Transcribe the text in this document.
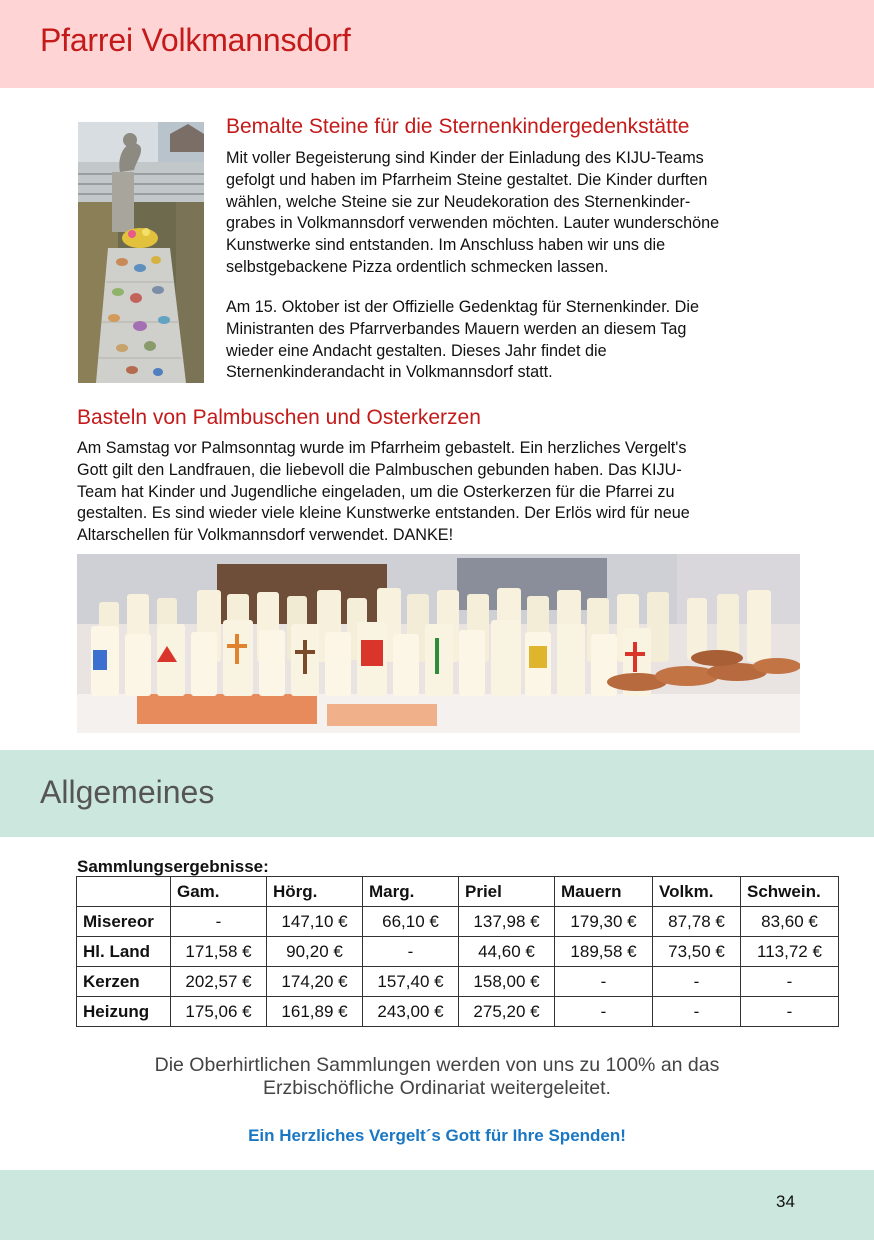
Pfarrei Volkmannsdorf
Bemalte Steine für die Sternenkindergedenkstätte

Mit voller Begeisterung sind Kinder der Einladung des KIJU-Teams

gefolgt und haben im Pfarrheim Steine gestaltet. Die Kinder durften

wählen, welche Steine sie zur Neudekoration des Sternenkinder-

grabes in Volkmannsdorf verwenden möchten. Lauter wunderschöne

Kunstwerke sind entstanden. Im Anschluss haben wir uns die

selbstgebackene Pizza ordentlich schmecken lassen.

Am 15. Oktober ist der Offizielle Gedenktag für Sternenkinder. Die

Ministranten des Pfarrverbandes Mauern werden an diesem Tag

wieder eine Andacht gestalten. Dieses Jahr findet die

Sternenkinderandacht in Volkmannsdorf statt.

Basteln von Palmbuschen und Osterkerzen

Am Samstag vor Palmsonntag wurde im Pfarrheim gebastelt. Ein herzliches Vergelt's

Gott gilt den Landfrauen, die liebevoll die Palmbuschen gebunden haben. Das KIJU-

Team hat Kinder und Jugendliche eingeladen, um die Osterkerzen für die Pfarrei zu

gestalten. Es sind wieder viele kleine Kunstwerke entstanden. Der Erlös wird für neue

Altarschellen für Volkmannsdorf verwendet. DANKE!

Allgemeines
Sammlungsergebnisse:
	Gam.	Hörg.	Marg.	Priel	Mauern	Volkm.	Schwein.
Misereor	-	147,10 €	66,10 €	137,98 €	179,30 €	87,78 €	83,60 €
Hl. Land	171,58 €	90,20 €	-	44,60 €	189,58 €	73,50 €	113,72 €
Kerzen	202,57 €	174,20 €	157,40 €	158,00 €	-	-	-
Heizung	175,06 €	161,89 €	243,00 €	275,20 €	-	-	-
Die Oberhirtlichen Sammlungen werden von uns zu 100% an das
Erzbischöfliche Ordinariat weitergeleitet.
Ein Herzliches Vergelt´s Gott für Ihre Spenden!
34
